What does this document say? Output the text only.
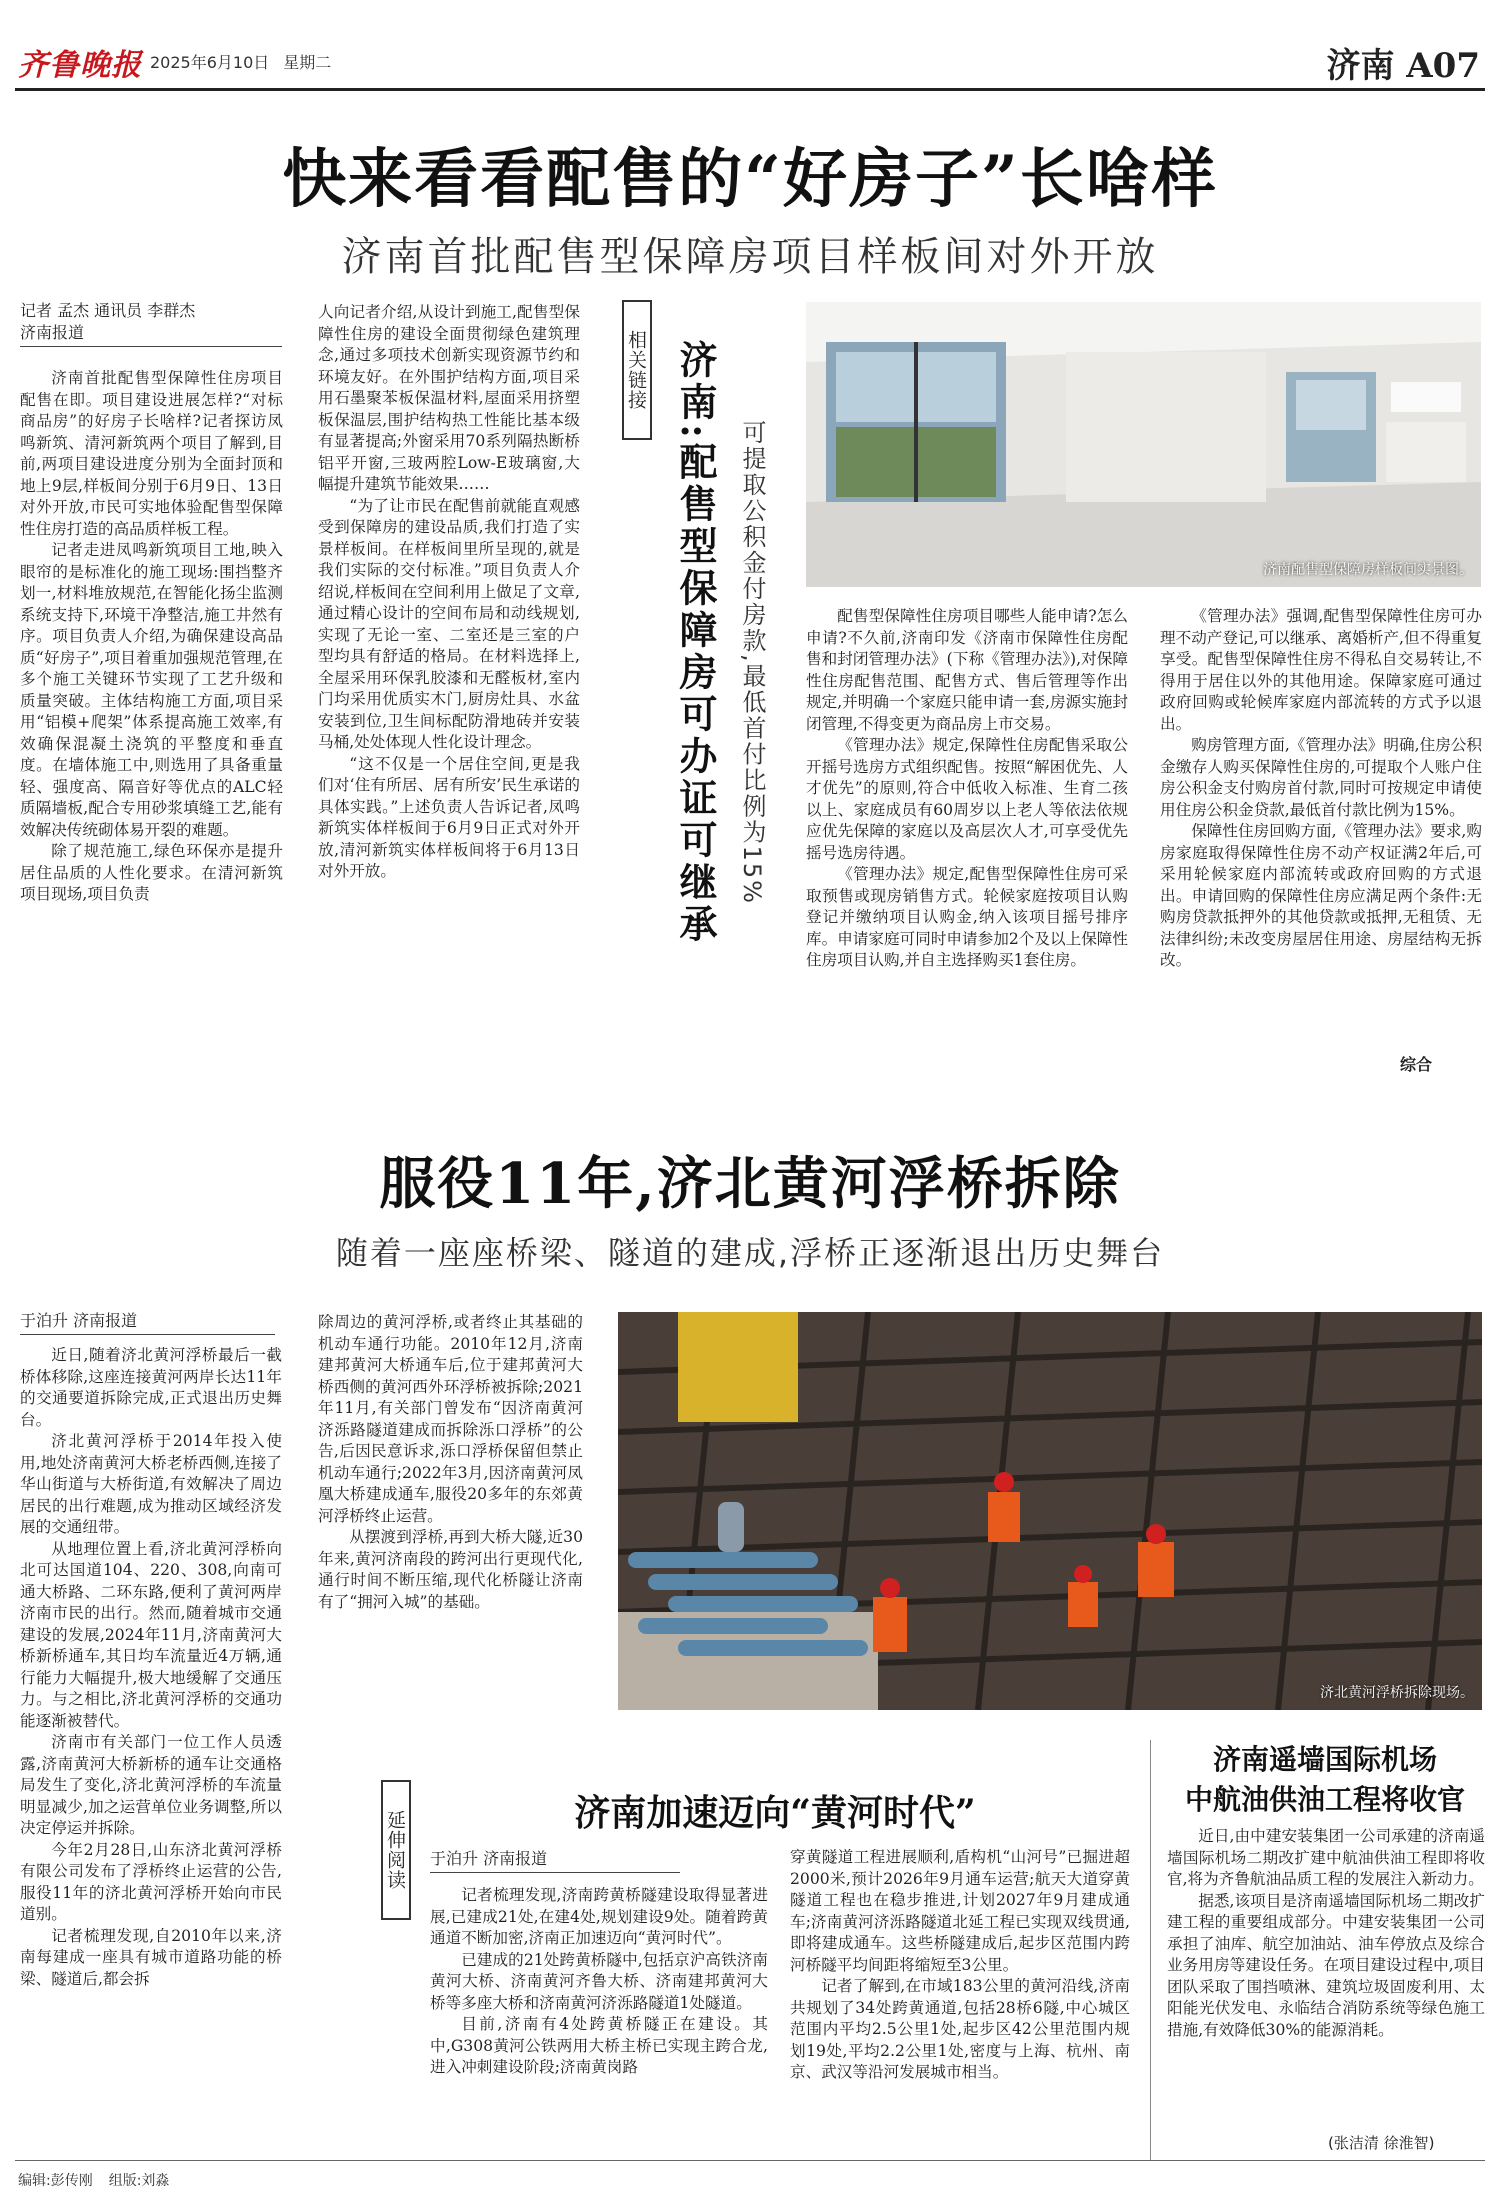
齐鲁晚报 2025年6月10日 星期二	济南 A07
快来看看配售的“好房子”长啥样
济南首批配售型保障房项目样板间对外开放
记者 孟杰 通讯员 李群杰
济南报道

济南首批配售型保障性住房项目配售在即。项目建设进展怎样?“对标商品房”的好房子长啥样?记者探访凤鸣新筑、清河新筑两个项目了解到,目前,两项目建设进度分别为全面封顶和地上9层,样板间分别于6月9日、13日对外开放,市民可实地体验配售型保障性住房打造的高品质样板工程。

记者走进凤鸣新筑项目工地,映入眼帘的是标准化的施工现场:围挡整齐划一,材料堆放规范,在智能化扬尘监测系统支持下,环境干净整洁,施工井然有序。项目负责人介绍,为确保建设高品质“好房子”,项目着重加强规范管理,在多个施工关键环节实现了工艺升级和质量突破。主体结构施工方面,项目采用“铝模+爬架”体系提高施工效率,有效确保混凝土浇筑的平整度和垂直度。在墙体施工中,则选用了具备重量轻、强度高、隔音好等优点的ALC轻质隔墙板,配合专用砂浆填缝工艺,能有效解决传统砌体易开裂的难题。

除了规范施工,绿色环保亦是提升居住品质的人性化要求。在清河新筑项目现场,项目负责

人向记者介绍,从设计到施工,配售型保障性住房的建设全面贯彻绿色建筑理念,通过多项技术创新实现资源节约和环境友好。在外围护结构方面,项目采用石墨聚苯板保温材料,屋面采用挤塑板保温层,围护结构热工性能比基本级有显著提高;外窗采用70系列隔热断桥铝平开窗,三玻两腔Low-E玻璃窗,大幅提升建筑节能效果……

“为了让市民在配售前就能直观感受到保障房的建设品质,我们打造了实景样板间。在样板间里所呈现的,就是我们实际的交付标准。”项目负责人介绍说,样板间在空间利用上做足了文章,通过精心设计的空间布局和动线规划,实现了无论一室、二室还是三室的户型均具有舒适的格局。在材料选择上,全屋采用环保乳胶漆和无醛板材,室内门均采用优质实木门,厨房灶具、水盆安装到位,卫生间标配防滑地砖并安装马桶,处处体现人性化设计理念。

“这不仅是一个居住空间,更是我们对‘住有所居、居有所安’民生承诺的具体实践。”上述负责人告诉记者,凤鸣新筑实体样板间于6月9日正式对外开放,清河新筑实体样板间将于6月13日对外开放。

相关链接 济南:配售型保障房可办证可继承 可提取公积金付房款,最低首付比例为15%	济南配售型保障房样板间实景图。

配售型保障性住房项目哪些人能申请?怎么申请?不久前,济南印发《济南市保障性住房配售和封闭管理办法》(下称《管理办法》),对保障性住房配售范围、配售方式、售后管理等作出规定,并明确一个家庭只能申请一套,房源实施封闭管理,不得变更为商品房上市交易。

《管理办法》规定,保障性住房配售采取公开摇号选房方式组织配售。按照“解困优先、人才优先”的原则,符合中低收入标准、生育二孩以上、家庭成员有60周岁以上老人等依法依规应优先保障的家庭以及高层次人才,可享受优先摇号选房待遇。

《管理办法》规定,配售型保障性住房可采取预售或现房销售方式。轮候家庭按项目认购登记并缴纳项目认购金,纳入该项目摇号排序库。申请家庭可同时申请参加2个及以上保障性住房项目认购,并自主选择购买1套住房。

《管理办法》强调,配售型保障性住房可办理不动产登记,可以继承、离婚析产,但不得重复享受。配售型保障性住房不得私自交易转让,不得用于居住以外的其他用途。保障家庭可通过政府回购或轮候库家庭内部流转的方式予以退出。

购房管理方面,《管理办法》明确,住房公积金缴存人购买保障性住房的,可提取个人账户住房公积金支付购房首付款,同时可按规定申请使用住房公积金贷款,最低首付款比例为15%。

保障性住房回购方面,《管理办法》要求,购房家庭取得保障性住房不动产权证满2年后,可采用轮候家庭内部流转或政府回购的方式退出。申请回购的保障性住房应满足两个条件:无购房贷款抵押外的其他贷款或抵押,无租赁、无法律纠纷;未改变房屋居住用途、房屋结构无拆改。

综合
服役11年,济北黄河浮桥拆除
随着一座座桥梁、隧道的建成,浮桥正逐渐退出历史舞台
于泊升 济南报道

近日,随着济北黄河浮桥最后一截桥体移除,这座连接黄河两岸长达11年的交通要道拆除完成,正式退出历史舞台。

济北黄河浮桥于2014年投入使用,地处济南黄河大桥老桥西侧,连接了华山街道与大桥街道,有效解决了周边居民的出行难题,成为推动区域经济发展的交通纽带。

从地理位置上看,济北黄河浮桥向北可达国道104、220、308,向南可通大桥路、二环东路,便利了黄河两岸济南市民的出行。然而,随着城市交通建设的发展,2024年11月,济南黄河大桥新桥通车,其日均车流量近4万辆,通行能力大幅提升,极大地缓解了交通压力。与之相比,济北黄河浮桥的交通功能逐渐被替代。

济南市有关部门一位工作人员透露,济南黄河大桥新桥的通车让交通格局发生了变化,济北黄河浮桥的车流量明显减少,加之运营单位业务调整,所以决定停运并拆除。

今年2月28日,山东济北黄河浮桥有限公司发布了浮桥终止运营的公告,服役11年的济北黄河浮桥开始向市民道别。

记者梳理发现,自2010年以来,济南每建成一座具有城市道路功能的桥梁、隧道后,都会拆

除周边的黄河浮桥,或者终止其基础的机动车通行功能。2010年12月,济南建邦黄河大桥通车后,位于建邦黄河大桥西侧的黄河西外环浮桥被拆除;2021年11月,有关部门曾发布“因济南黄河济泺路隧道建成而拆除泺口浮桥”的公告,后因民意诉求,泺口浮桥保留但禁止机动车通行;2022年3月,因济南黄河凤凰大桥建成通车,服役20多年的东郊黄河浮桥终止运营。

从摆渡到浮桥,再到大桥大隧,近30年来,黄河济南段的跨河出行更现代化,通行时间不断压缩,现代化桥隧让济南有了“拥河入城”的基础。

济北黄河浮桥拆除现场。
延伸阅读	济南加速迈向“黄河时代”
于泊升 济南报道

记者梳理发现,济南跨黄桥隧建设取得显著进展,已建成21处,在建4处,规划建设9处。随着跨黄通道不断加密,济南正加速迈向“黄河时代”。

已建成的21处跨黄桥隧中,包括京沪高铁济南黄河大桥、济南黄河齐鲁大桥、济南建邦黄河大桥等多座大桥和济南黄河济泺路隧道1处隧道。

目前,济南有4处跨黄桥隧正在建设。其中,G308黄河公铁两用大桥主桥已实现主跨合龙,进入冲刺建设阶段;济南黄岗路

穿黄隧道工程进展顺利,盾构机“山河号”已掘进超2000米,预计2026年9月通车运营;航天大道穿黄隧道工程也在稳步推进,计划2027年9月建成通车;济南黄河济泺路隧道北延工程已实现双线贯通,即将建成通车。这些桥隧建成后,起步区范围内跨河桥隧平均间距将缩短至3公里。

记者了解到,在市域183公里的黄河沿线,济南共规划了34处跨黄通道,包括28桥6隧,中心城区范围内平均2.5公里1处,起步区42公里范围内规划19处,平均2.2公里1处,密度与上海、杭州、南京、武汉等沿河发展城市相当。

济南遥墙国际机场
中航油供油工程将收官

近日,由中建安装集团一公司承建的济南遥墙国际机场二期改扩建中航油供油工程即将收官,将为齐鲁航油品质工程的发展注入新动力。

据悉,该项目是济南遥墙国际机场二期改扩建工程的重要组成部分。中建安装集团一公司承担了油库、航空加油站、油车停放点及综合业务用房等建设任务。在项目建设过程中,项目团队采取了围挡喷淋、建筑垃圾固废利用、太阳能光伏发电、永临结合消防系统等绿色施工措施,有效降低30%的能源消耗。

(张洁清 徐淮智)
编辑:彭传刚 组版:刘淼
